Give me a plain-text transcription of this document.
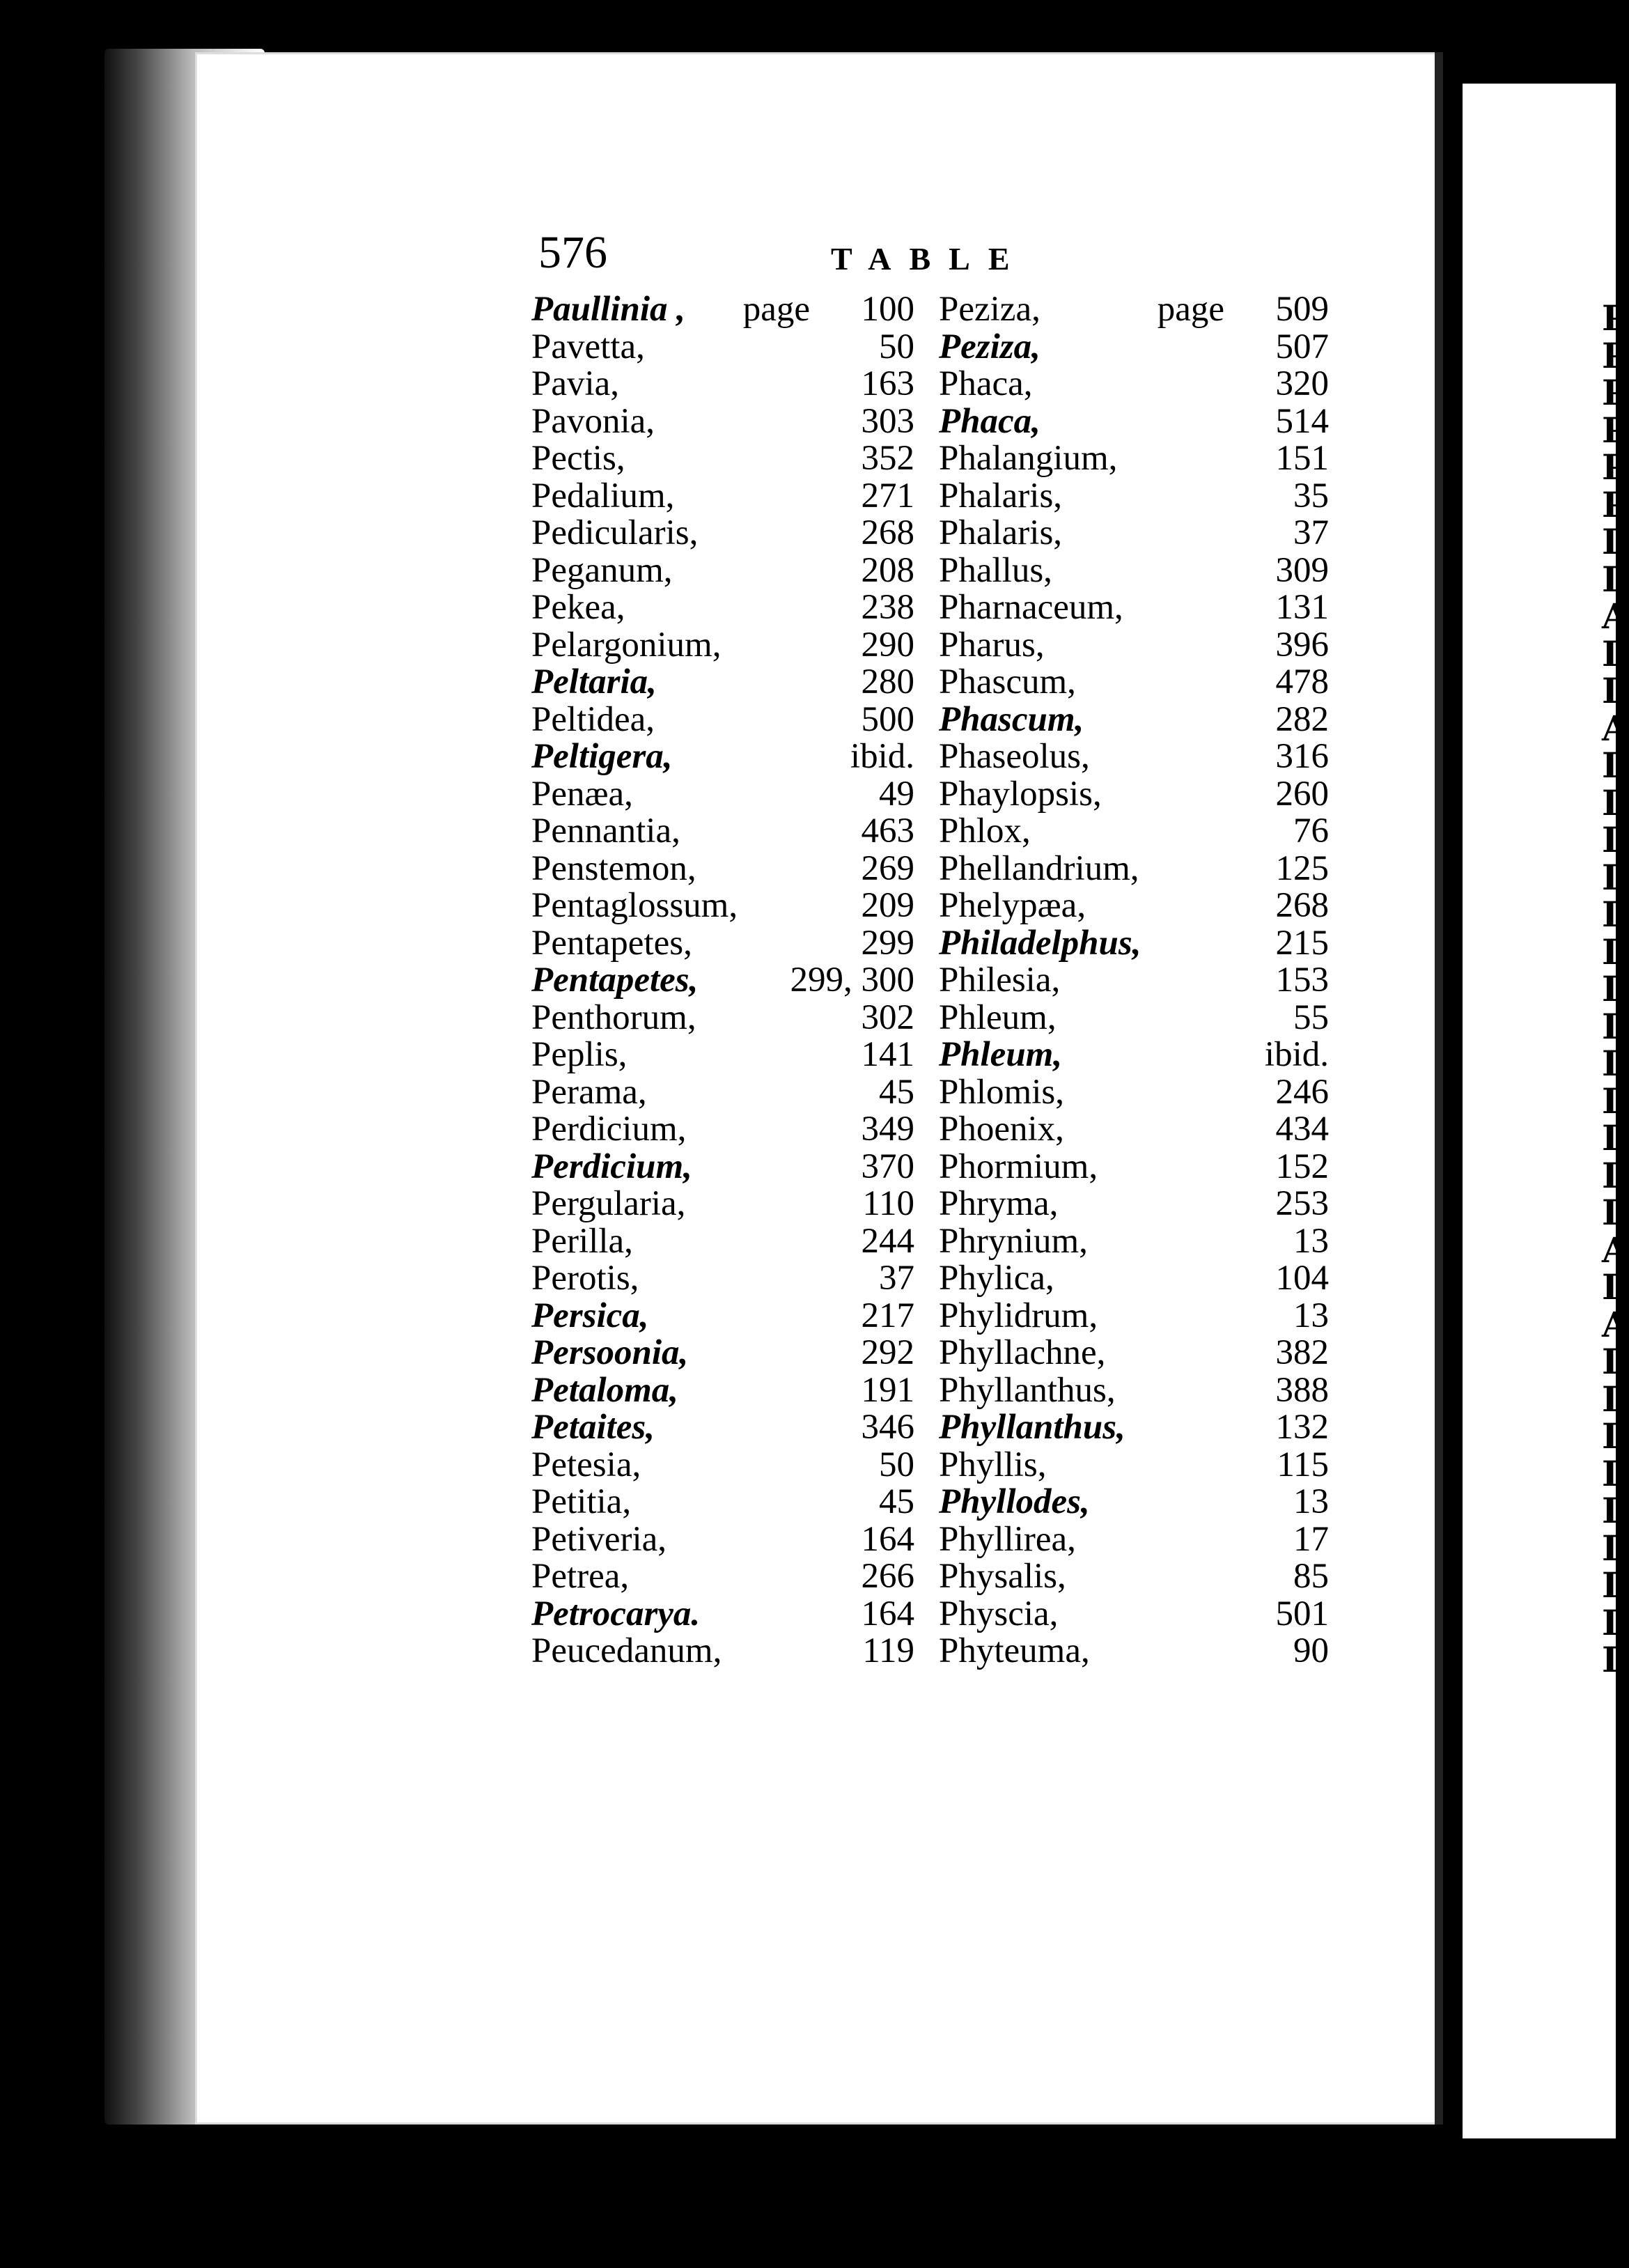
P
P
P
P
P
P
I
I
A
I
I
A
I
I
I
I
I
I
I
I
I
I
I
I
I
A
I
A
I
I
I
I
I
I
I
I
I
576	TABLE
Paullinia , page 100
Pavetta,	50
Pavia,	163
Pavonia,	303
Pectis,	352
Pedalium,	271
Pedicularis,	268
Peganum,	208
Pekea,	238
Pelargonium,	290
Peltaria,	280
Peltidea,	500
Peltigera,	ibid.
Penæa,	49
Pennantia,	463
Penstemon,	269
Pentaglossum,	209
Pentapetes,	299
Pentapetes,	299, 300
Penthorum,	302
Peplis,	141
Perama,	45
Perdicium,	349
Perdicium,	370
Pergularia,	110
Perilla,	244
Perotis,	37
Persica,	217
Persoonia,	292
Petaloma,	191
Petaites,	346
Petesia,	50
Petitia,	45
Petiveria,	164
Petrea,	266
Petrocarya.	164
Peucedanum,	119
Peziza,	page 509
Peziza,	507
Phaca,	320
Phaca,	514
Phalangium,	151
Phalaris,	35
Phalaris,	37
Phallus,	309
Pharnaceum,	131
Pharus,	396
Phascum,	478
Phascum,	282
Phaseolus,	316
Phaylopsis,	260
Phlox,	76
Phellandrium,	125
Phelypæa,	268
Philadelphus,	215
Philesia,	153
Phleum,	55
Phleum,	ibid.
Phlomis,	246
Phoenix,	434
Phormium,	152
Phryma,	253
Phrynium,	13
Phylica,	104
Phylidrum,	13
Phyllachne,	382
Phyllanthus,	388
Phyllanthus,	132
Phyllis,	115
Phyllodes,	13
Phyllirea,	17
Physalis,	85
Physcia,	501
Phyteuma,	90
